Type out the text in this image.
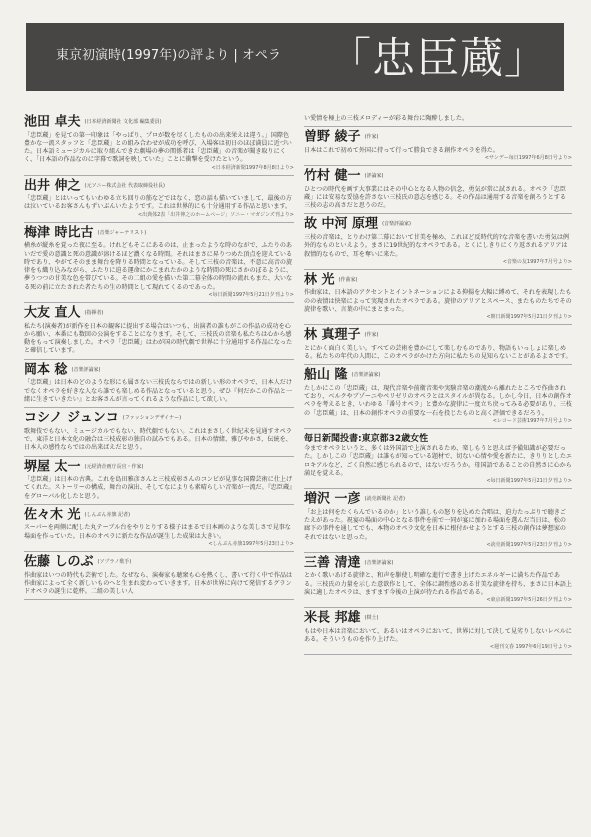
東京初演時(1997年)の評より | オペラ 「忠臣蔵」
池田 卓夫 (日本経済新聞社 文化部 編集委員)
「忠臣蔵」を見ての第一印象は「やっぱり、プロが数を尽くしたものの出来栄えは違う。」国際色豊かな一流スタッフと「忠臣蔵」との組み合わせが成功を呼び、入場客は初日のほぼ満員に近づいた。日本語ミュージカルに取り組んできた劇場の夢の関係者は「忠臣蔵」の音楽が聞き取りにくく、「日本語の作品なのに字幕で歌詞を映していた」ことに衝撃を受けたという。
<日本経済新聞1997年8月8日より>
出井 伸之 (元ソニー株式会社 代表取締役社長)
「忠臣蔵」とはいってもいわゆる立ち回りの筋などではなく、恋の話も描いていまして、最後の方は泣いているお客さんもずいぶんいたようです。これは世界的にも十分通用する作品と思います。
<出典体2表「出井伸之のホームページ」ソニー・マガジンズ刊より>
梅津 時比古 (音楽ジャーナリスト)
横糸が縦糸を覚った夜に至る。けれどもそこにあるのは、止まったような時のながで、ふたりのあいだで愛の意識と死の意識が溶けるほど濃くなる時間。それはまさに昇りつめた頂点を迎えている時であり、やがてそのまま舞台を降りる時間となっている。そして三枝の音楽は、不意に高音の旋律をも織り込みながら、ふたりに迫る運命にかこまれたかのような時間の死にさかのぼるように、夢うつつの甘美な色を帯びている。その二組の愛を描いた第二幕全体の時間の流れもまた、大いなる死の前に立たされた者たちの生の時間として現れてくるのであった。
<毎日新聞1997年5月21日夕刊より>
大友 直人 (指揮者)
私たち(演奏者)が新作を日本の観客に提出する場合はいつも、出演者の誰もがこの作品の成功を心から願い、本番にも数回の公演をすることになります。そして、三枝氏の音楽も私たちは心から感動をもって演奏しました。オペラ「忠臣蔵」はわが国の時代劇で世界に十分通用する作品になったと確信しています。
岡本 稔 (音楽評論家)
「忠臣蔵」は日本のどのような形にも属さない三枝氏ならではの新しい形のオペラで、日本人だけでなくオペラを好きな人なら誰でも楽しめる作品となっていると思う。ぜひ『何だかこの作品と一緒に生きていきたい』とお客さんが言ってくれるような作品にして欲しい。
コシノ ジュンコ (ファッションデザイナー)
歌舞伎でもない、ミュージカルでもない、時代劇でもない。これはまさしく世紀末を見通すオペラで、東洋と日本文化の融合は三枝成彰の独自の試みでもある。日本の情緒、雅びやかさ、伝統を、日本人の感性ならではの出来ばえだと思う。
堺屋 太一 (元経済企画庁長官・作家)
「忠臣蔵」は日本の古典。これを島田雅彦さんと三枝成彰さんのコンビが見事な国際芸術に仕上げてくれた。ストーリーの構成、舞台の演出、そしてなによりも素晴らしい音楽が一流だ。『忠臣蔵』をグローバル化したと思う。
佐々木 光 (しんぶん赤旗 記者)
スーパーを両側に配した丸テーブル台をやりとりする様子はまるで日本画のような美しさで見事な場面を作っていた。日本のオペラに新たな作品が誕生した成果は大きい。
<しんぶん赤旗1997年5月23日より>
佐藤 しのぶ (ソプラノ歌手)
作曲家はいつの時代も芸術でした。なぜなら、演奏家も聴衆も心を熱くし、書いて行く中で作品は作曲家によって全く新しいものへと生まれ変わっていきます。日本が世界に向けて発信するグランドオペラの誕生に乾杯。二組の美しい人
い愛情を極上の三枝メロディーが彩る舞台に陶酔しました。
曽野 綾子 (作家)
日本はこれで初めて外国に持って行って勝負できる創作オペラを得た。
<サンデー毎日1997年6月8日号より>
竹村 健一 (評論家)
ひとつの時代を画す大事業にはその中心となる人物の信念、勇気が常に試される。オペラ「忠臣蔵」には安易な妥協を許さない三枝氏の意志を感じる。その作品は通用する音楽を創ろうとする三枝の志の高さだと思うのだ。
故 中河 原理 (音楽評論家)
三枝の音楽は、とりわけ第二幕において甘美を極め、これほど反時代的?な音楽を書いた勇気は例外的なものといえよう。まさに19世紀的なオペラである。とくにしきりにくり返されるアリアは叙情的なもので、耳を奪いに来た。
<音楽の友1997年7月号より>
林 光 (作曲家)
作曲家は、日本語のアクセントとイントネーションによる抑揚を大幅に縛めて、それを表現したものの表情は快楽によって実現されたオペラである。旋律のアリアとスペース、またものたちでその旋律を歌い、言葉の中にまとまった。
<朝日新聞1997年5月21日夕刊より>
林 真理子 (作家)
とにかく面白く美しい。すべての芸術を豊かにして楽しむものであり、物語もいっしょに楽しめる。私たちの年代の人間に、このオペラがかけた方向に私たちの見知らないことがあるよさです。
船山 隆 (音楽評論家)
たしかにこの「忠臣蔵」は、現代音楽や前衛音楽や実験音楽の潮流から離れたところで作曲されており、ベルクやブゾーニやペリゼリのオペラとはスタイルが異なる。しかし今日、日本の創作オペラを考えるとき、いわゆる「番号オペラ」と豊かな旋律に一度立ち戻ってみる必要があり、三枝の「忠臣蔵」は、日本の創作オペラの重要な一石を投じたものと高く評価できるだろう。
<レコード芸術1997年7月号より>
毎日新聞投書:東京都32歳女性
今までオペラというと、多くは外国語で上演されるため、楽しもうと思えば予備知識が必要だった。しかしこの「忠臣蔵」は誰もが知っている題材で、切ない心情や愛を新たに、きりりとしたエロキアルなど、ごく自然に感じられるので、はないだろうか。母国語であることの自然さに心から満足を覚える。
<毎日新聞1997年5月21日夕刊より>
増沢 一彦 (読売新聞社 記者)
「お上は何をたくらんでいるのか」という誰しもの怒りを込めた合唱は、迫力たっぷりで聴きごたえがあった。祝宴の場面の中心となる事件を前で一同が宴に加わる場面を選んだ当日は、松の廊下の事件を通してでも、本物のオペラ文化を日本に根付かせようとする三枝の創作は夢想家のそれではないと思った。
<読売新聞1997年5月23日夕刊より>
三善 清達 (音楽評論家)
とかく歌いあげる旋律と、和声を駆使し明確な進行で書き上げたエネルギーに満ちた作品である。三枝氏の力量を示した意欲作として、全体に調性感のある甘美な旋律を持ち、まさに日本語上演に適したオペラは、ますます今後の上演が待たれる作品である。
<東京新聞1997年5月26日夕刊より>
米長 邦雄 (棋士)
もはや日本は音楽において、あるいはオペラにおいて、世界に対して決して見劣りしないレベルにある。そういうものを作り上げた。
<週刊文春 1997年6月19日号より>
